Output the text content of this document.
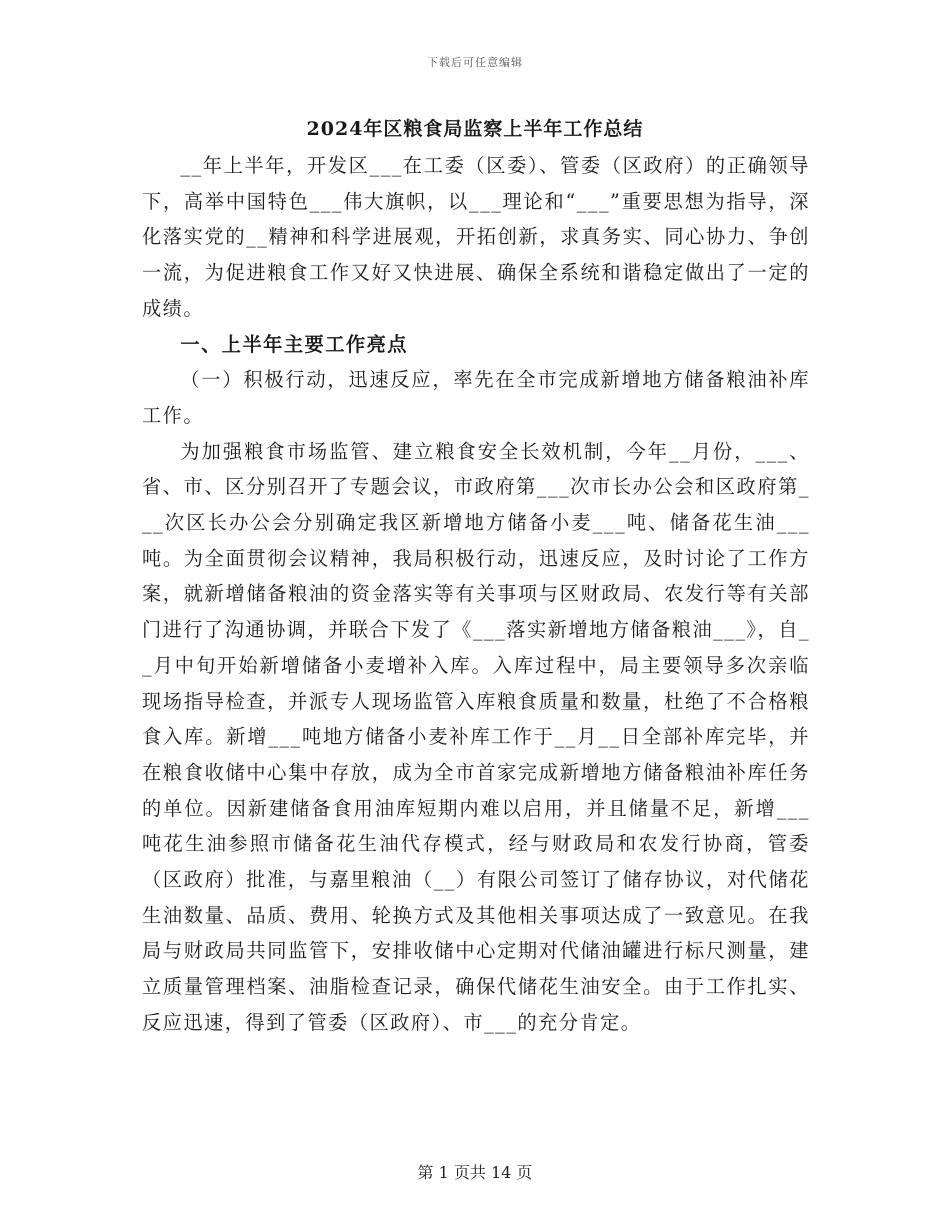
下载后可任意编辑
2024年区粮食局监察上半年工作总结

__年上半年，开发区___在工委（区委）、管委（区政府）的正确领导下，高举中国特色___伟大旗帜，以___理论和“___”重要思想为指导，深化落实党的__精神和科学进展观，开拓创新，求真务实、同心协力、争创一流，为促进粮食工作又好又快进展、确保全系统和谐稳定做出了一定的成绩。

一、上半年主要工作亮点

（一）积极行动，迅速反应，率先在全市完成新增地方储备粮油补库工作。

为加强粮食市场监管、建立粮食安全长效机制，今年__月份，___、省、市、区分别召开了专题会议，市政府第___次市长办公会和区政府第___次区长办公会分别确定我区新增地方储备小麦___吨、储备花生油___吨。为全面贯彻会议精神，我局积极行动，迅速反应，及时讨论了工作方案，就新增储备粮油的资金落实等有关事项与区财政局、农发行等有关部门进行了沟通协调，并联合下发了《___落实新增地方储备粮油___》，自__月中旬开始新增储备小麦增补入库。入库过程中，局主要领导多次亲临现场指导检查，并派专人现场监管入库粮食质量和数量，杜绝了不合格粮食入库。新增___吨地方储备小麦补库工作于__月__日全部补库完毕，并在粮食收储中心集中存放，成为全市首家完成新增地方储备粮油补库任务的单位。因新建储备食用油库短期内难以启用，并且储量不足，新增___吨花生油参照市储备花生油代存模式，经与财政局和农发行协商，管委（区政府）批准，与嘉里粮油（__）有限公司签订了储存协议，对代储花生油数量、品质、费用、轮换方式及其他相关事项达成了一致意见。在我局与财政局共同监管下，安排收储中心定期对代储油罐进行标尺测量，建立质量管理档案、油脂检查记录，确保代储花生油安全。由于工作扎实、反应迅速，得到了管委（区政府）、市___的充分肯定。

第 1 页共 14 页
